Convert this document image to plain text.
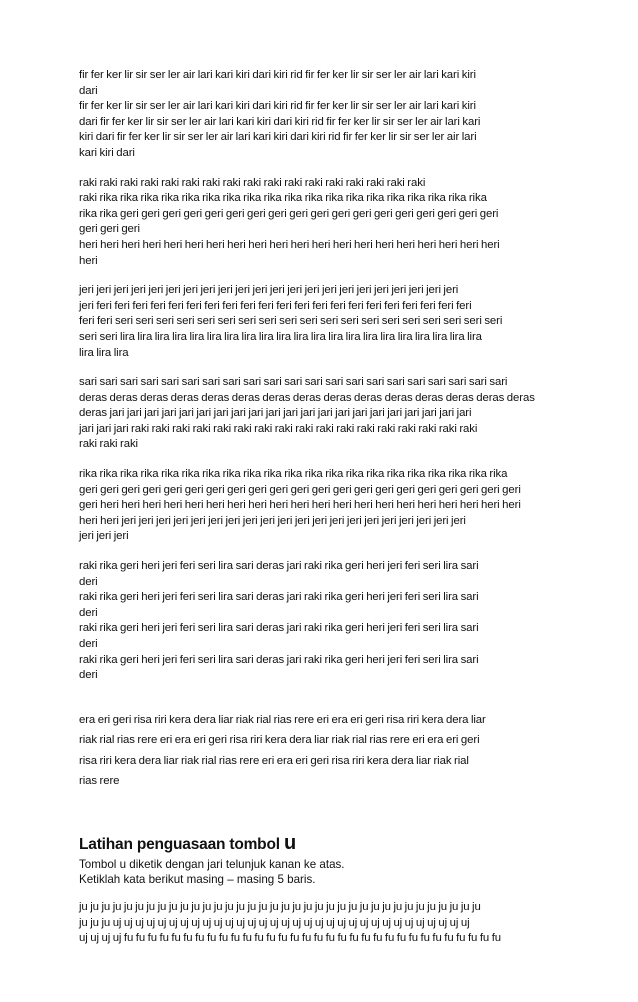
fir fer ker lir sir ser ler air lari kari kiri dari kiri rid fir fer ker lir sir ser ler air lari kari kiri
dari
fir fer ker lir sir ser ler air lari kari kiri dari kiri rid fir fer ker lir sir ser ler air lari kari kiri
dari fir fer ker lir sir ser ler air lari kari kiri dari kiri rid fir fer ker lir sir ser ler air lari kari
kiri dari fir fer ker lir sir ser ler air lari kari kiri dari kiri rid fir fer ker lir sir ser ler air lari
kari kiri dari

raki raki raki raki raki raki raki raki raki raki raki raki raki raki raki raki raki
raki rika rika rika rika rika rika rika rika rika rika rika rika rika rika rika rika rika rika rika
rika rika geri geri geri geri geri geri geri geri geri geri geri geri geri geri geri geri geri geri
geri geri geri
heri heri heri heri heri heri heri heri heri heri heri heri heri heri heri heri heri heri heri heri
heri

jeri jeri jeri jeri jeri jeri jeri jeri jeri jeri jeri jeri jeri jeri jeri jeri jeri jeri jeri jeri jeri jeri
jeri feri feri feri feri feri feri feri feri feri feri feri feri feri feri feri feri feri feri feri feri feri
feri feri seri seri seri seri seri seri seri seri seri seri seri seri seri seri seri seri seri seri seri
seri seri lira lira lira lira lira lira lira lira lira lira lira lira lira lira lira lira lira lira lira lira lira
lira lira lira

sari sari sari sari sari sari sari sari sari sari sari sari sari sari sari sari sari sari sari sari sari
deras deras deras deras deras deras deras deras deras deras deras deras deras deras deras
deras jari jari jari jari jari jari jari jari jari jari jari jari jari jari jari jari jari jari jari jari jari
jari jari jari raki raki raki raki raki raki raki raki raki raki raki raki raki raki raki raki raki
raki raki raki

rika rika rika rika rika rika rika rika rika rika rika rika rika rika rika rika rika rika rika rika rika
geri geri geri geri geri geri geri geri geri geri geri geri geri geri geri geri geri geri geri geri geri
geri heri heri heri heri heri heri heri heri heri heri heri heri heri heri heri heri heri heri heri heri
heri heri jeri jeri jeri jeri jeri jeri jeri jeri jeri jeri jeri jeri jeri jeri jeri jeri jeri jeri jeri jeri
jeri jeri jeri

raki rika geri heri jeri feri seri lira sari deras jari raki rika geri heri jeri feri seri lira sari
deri
raki rika geri heri jeri feri seri lira sari deras jari raki rika geri heri jeri feri seri lira sari
deri
raki rika geri heri jeri feri seri lira sari deras jari raki rika geri heri jeri feri seri lira sari
deri
raki rika geri heri jeri feri seri lira sari deras jari raki rika geri heri jeri feri seri lira sari
deri

era eri geri risa riri kera dera liar riak rial rias rere eri era eri geri risa riri kera dera liar
riak rial rias rere eri era eri geri risa riri kera dera liar riak rial rias rere eri era eri geri
risa riri kera dera liar riak rial rias rere eri era eri geri risa riri kera dera liar riak rial
rias rere

Latihan penguasaan tombol u

Tombol u diketik dengan jari telunjuk kanan ke atas.
Ketiklah kata berikut masing – masing 5 baris.

ju ju ju ju ju ju ju ju ju ju ju ju ju ju ju ju ju ju ju ju ju ju ju ju ju ju ju ju ju ju ju ju ju ju ju ju
ju ju ju uj uj uj uj uj uj uj uj uj uj uj uj uj uj uj uj uj uj uj uj uj uj uj uj uj uj uj uj uj uj uj uj
uj uj uj uj fu fu fu fu fu fu fu fu fu fu fu fu fu fu fu fu fu fu fu fu fu fu fu fu fu fu fu fu fu fu fu fu
